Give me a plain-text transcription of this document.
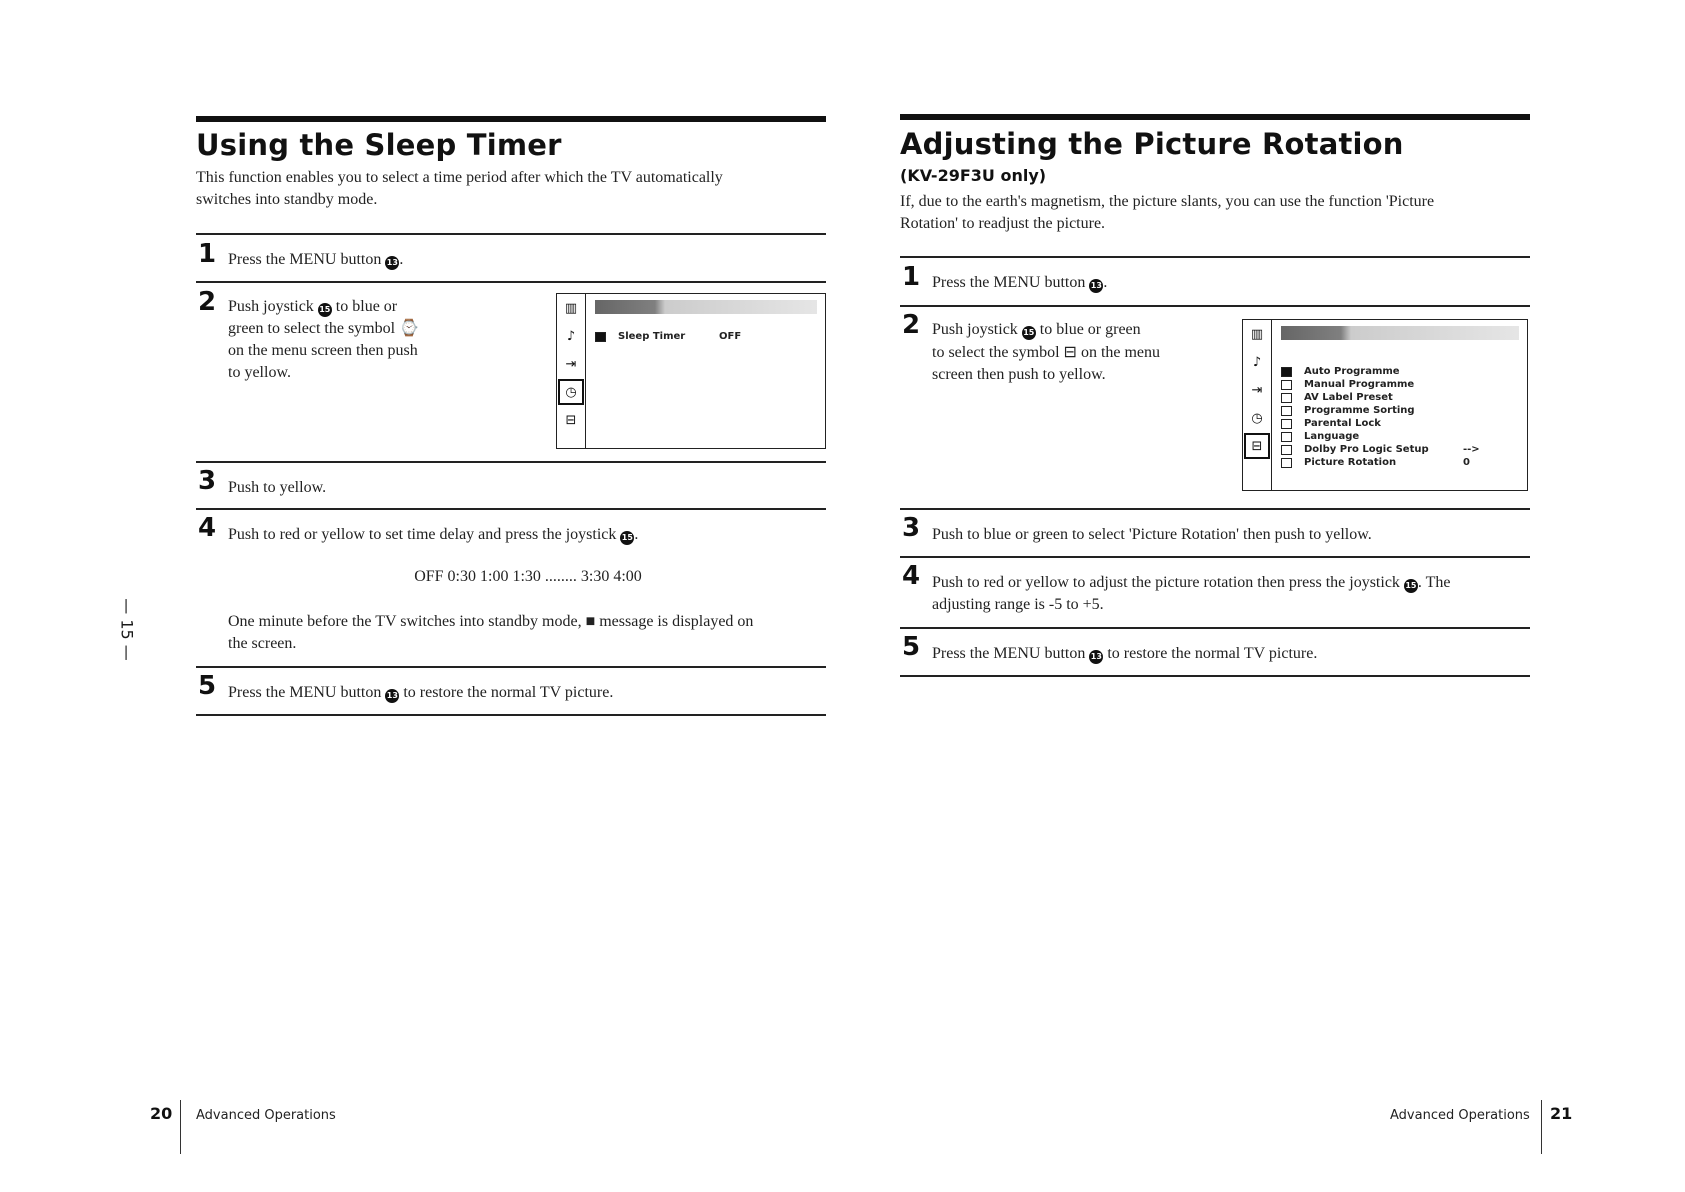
Using the Sleep Timer
This function enables you to select a time period after which the TV automatically
switches into standby mode.
1 Press the MENU button 13.
2 Push joystick 15 to blue or
green to select the symbol ⌚
on the menu screen then push
to yellow.
▥
♪
⇥
◷
⊟
Sleep Timer	OFF
3 Push to yellow.
4 Push to red or yellow to set time delay and press the joystick 15.
OFF 0:30 1:00 1:30 ........ 3:30 4:00
One minute before the TV switches into standby mode, ■ message is displayed on
the screen.
5 Press the MENU button 13 to restore the normal TV picture.
— 15 —
Adjusting the Picture Rotation
(KV-29F3U only)
If, due to the earth's magnetism, the picture slants, you can use the function 'Picture
Rotation' to readjust the picture.
1 Press the MENU button 13.
2 Push joystick 15 to blue or green
to select the symbol ⊟ on the menu
screen then push to yellow.
▥
♪
⇥
◷
⊟
Auto Programme
Manual Programme
AV Label Preset
Programme Sorting
Parental Lock
Language
Dolby Pro Logic Setup	-->
Picture Rotation	0
3 Push to blue or green to select 'Picture Rotation' then push to yellow.
4 Push to red or yellow to adjust the picture rotation then press the joystick 15. The
adjusting range is -5 to +5.
5 Press the MENU button 13 to restore the normal TV picture.
20 Advanced Operations	Advanced Operations 21
